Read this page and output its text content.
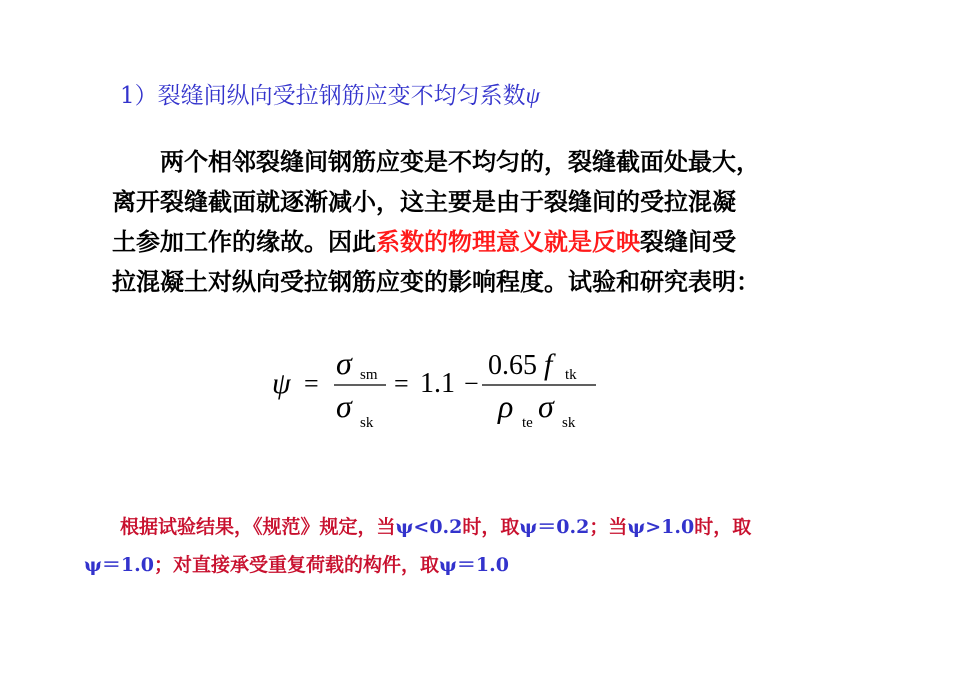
1）裂缝间纵向受拉钢筋应变不均匀系数ψ
两个相邻裂缝间钢筋应变是不均匀的，裂缝截面处最大，
离开裂缝截面就逐渐减小，这主要是由于裂缝间的受拉混凝
土参加工作的缘故。因此系数的物理意义就是反映裂缝间受
拉混凝土对纵向受拉钢筋应变的影响程度。试验和研究表明：
ψ =
σ sm
σ sk
= 1.1 −
0.65 f tk
ρ te σ sk
根据试验结果，《规范》规定，当ψ<0.2时，取ψ＝0.2；当ψ>1.0时，取
ψ＝1.0；对直接承受重复荷载的构件，取ψ＝1.0
